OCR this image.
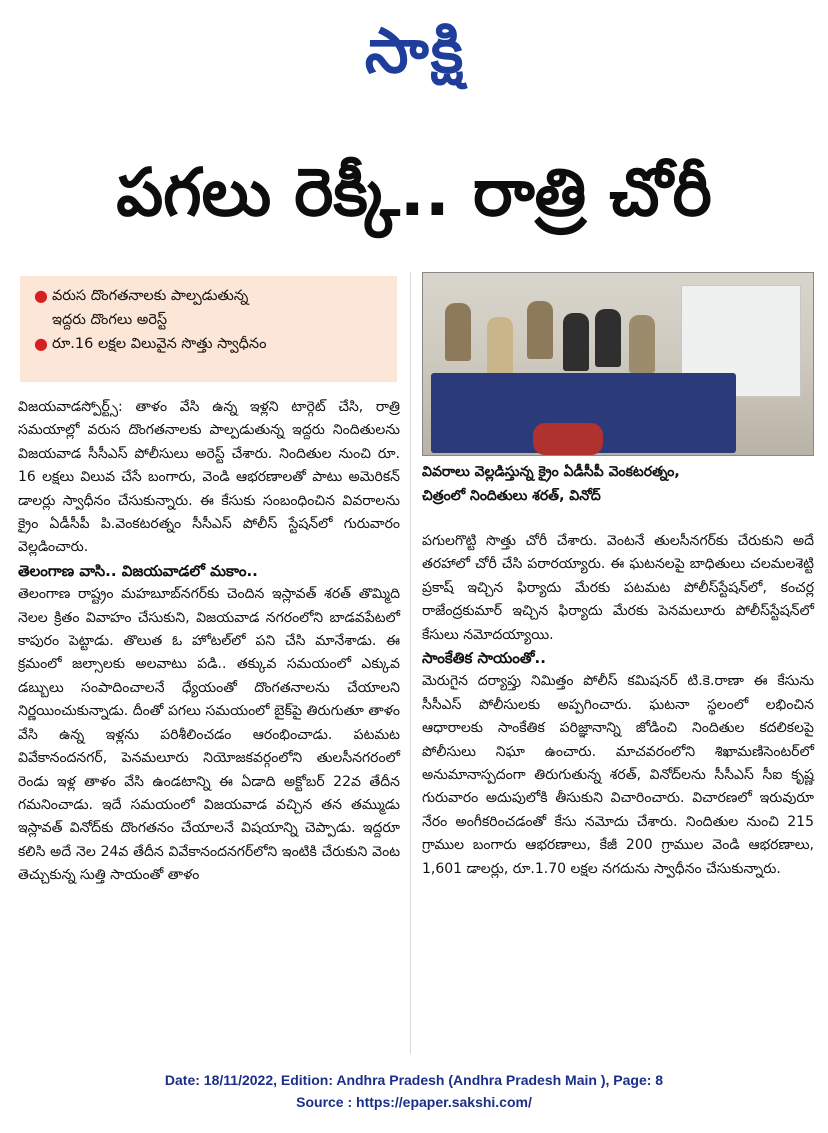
సాక్షి
పగలు రెక్కీ.. రాత్రి చోరీ
● వరుస దొంగతనాలకు పాల్పడుతున్న
ఇద్దరు దొంగలు అరెస్ట్
● రూ.16 లక్షల విలువైన సొత్తు స్వాధీనం

విజయవాడస్పోర్ట్స్: తాళం వేసి ఉన్న ఇళ్లని టార్గెట్ చేసి, రాత్రి సమయాల్లో వరుస దొంగతనాలకు పాల్పడుతున్న ఇద్దరు నిందితులను విజయవాడ సీసీఎస్ పోలీసులు అరెస్ట్ చేశారు. నిందితుల నుంచి రూ. 16 లక్షలు విలువ చేసే బంగారు, వెండి ఆభరణాలతో పాటు అమెరికన్ డాలర్లు స్వాధీనం చేసుకున్నారు. ఈ కేసుకు సంబంధించిన వివరాలను క్రైం ఏడీసీపీ పి.వెంకటరత్నం సీసీఎస్ పోలీస్ స్టేషన్‌లో గురువారం వెల్లడించారు.

తెలంగాణ వాసి.. విజయవాడలో మకాం..

తెలంగాణ రాష్ట్రం మహబూబ్‌నగర్‌కు చెందిన ఇస్లావత్ శరత్ తొమ్మిది నెలల క్రితం వివాహం చేసుకుని, విజయవాడ నగరంలోని బాడవపేటలో కాపురం పెట్టాడు. తొలుత ఓ హోటల్‌లో పని చేసి మానేశాడు. ఈ క్రమంలో జల్సాలకు అలవాటు పడి.. తక్కువ సమయంలో ఎక్కువ డబ్బులు సంపాదించాలనే ధ్యేయంతో దొంగతనాలను చేయాలని నిర్ణయించుకున్నాడు. దీంతో పగలు సమయంలో బైక్‌పై తిరుగుతూ తాళం వేసి ఉన్న ఇళ్లను పరిశీలించడం ఆరంభించాడు. పటమట వివేకానందనగర్, పెనమలూరు నియోజకవర్గంలోని తులసీనగరంలో రెండు ఇళ్ల తాళం వేసి ఉండటాన్ని ఈ ఏడాది అక్టోబర్ 22వ తేదీన గమనించాడు. ఇదే సమయంలో విజయవాడ వచ్చిన తన తమ్ముడు ఇస్లావత్ వినోద్‌కు దొంగతనం చేయాలనే విషయాన్ని చెప్పాడు. ఇద్దరూ కలిసి అదే నెల 24వ తేదీన వివేకానందనగర్‌లోని ఇంటికి చేరుకుని వెంట తెచ్చుకున్న సుత్తి సాయంతో తాళం

వివరాలు వెల్లడిస్తున్న క్రైం ఏడీసీపీ వెంకటరత్నం,
చిత్రంలో నిందితులు శరత్, వినోద్

పగులగొట్టి సొత్తు చోరీ చేశారు. వెంటనే తులసీనగర్‌కు చేరుకుని అదే తరహాలో చోరీ చేసి పరారయ్యారు. ఈ ఘటనలపై బాధితులు చలమలశెట్టి ప్రకాష్ ఇచ్చిన ఫిర్యాదు మేరకు పటమట పోలీస్‌స్టేషన్‌లో, కంచర్ల రాజేంద్రకుమార్ ఇచ్చిన ఫిర్యాదు మేరకు పెనమలూరు పోలీస్‌స్టేషన్‌లో కేసులు నమోదయ్యాయి.

సాంకేతిక సాయంతో..

మెరుగైన దర్యాప్తు నిమిత్తం పోలీస్ కమిషనర్ టి.కె.రాణా ఈ కేసును సీసీఎస్ పోలీసులకు అప్పగించారు. ఘటనా స్థలంలో లభించిన ఆధారాలకు సాంకేతిక పరిజ్ఞానాన్ని జోడించి నిందితుల కదలికలపై పోలీసులు నిఘా ఉంచారు. మాచవరంలోని శిఖామణిసెంటర్‌లో అనుమానాస్పదంగా తిరుగుతున్న శరత్, వినోద్‌లను సీసీఎస్ సీఐ కృష్ణ గురువారం అదుపులోకి తీసుకుని విచారించారు. విచారణలో ఇరువురూ నేరం అంగీకరించడంతో కేసు నమోదు చేశారు. నిందితుల నుంచి 215 గ్రాముల బంగారు ఆభరణాలు, కేజీ 200 గ్రాముల వెండి ఆభరణాలు, 1,601 డాలర్లు, రూ.1.70 లక్షల నగదును స్వాధీనం చేసుకున్నారు.

Date: 18/11/2022, Edition: Andhra Pradesh (Andhra Pradesh Main ), Page: 8
Source : https://epaper.sakshi.com/
